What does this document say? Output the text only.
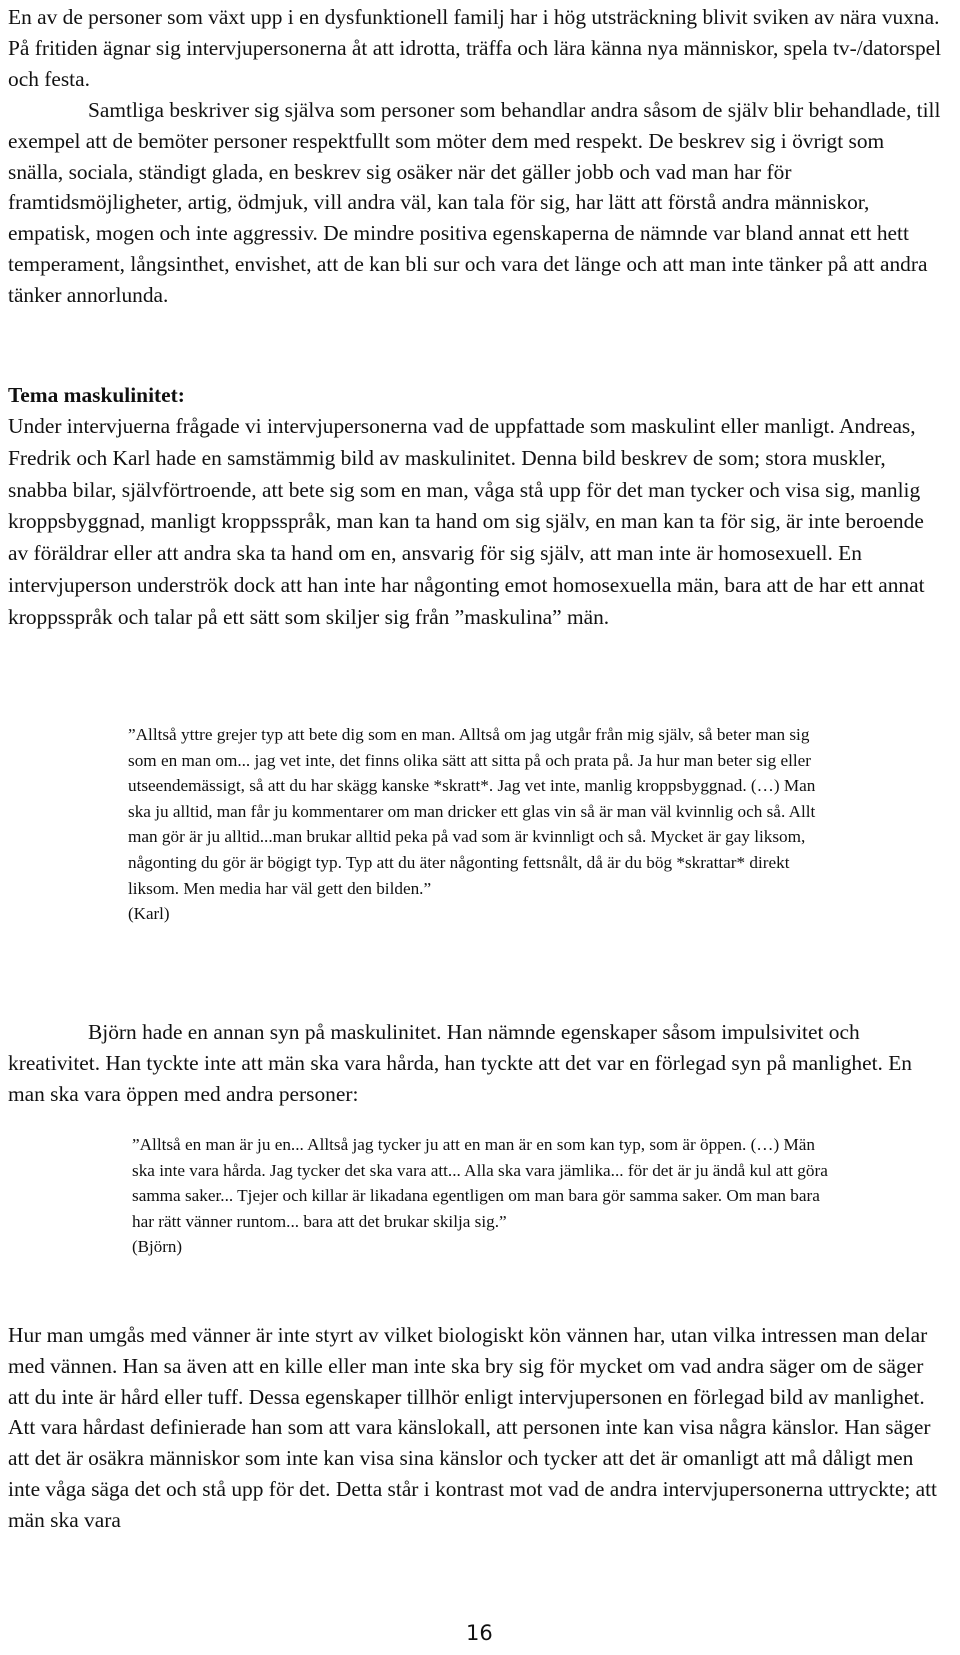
En av de personer som växt upp i en dysfunktionell familj har i hög utsträckning blivit sviken av nära vuxna. På fritiden ägnar sig intervjupersonerna åt att idrotta, träffa och lära känna nya människor, spela tv-/datorspel och festa.
Samtliga beskriver sig själva som personer som behandlar andra såsom de själv blir behandlade, till exempel att de bemöter personer respektfullt som möter dem med respekt. De beskrev sig i övrigt som snälla, sociala, ständigt glada, en beskrev sig osäker när det gäller jobb och vad man har för framtidsmöjligheter, artig, ödmjuk, vill andra väl, kan tala för sig, har lätt att förstå andra människor, empatisk, mogen och inte aggressiv. De mindre positiva egenskaperna de nämnde var bland annat ett hett temperament, långsinthet, envishet, att de kan bli sur och vara det länge och att man inte tänker på att andra tänker annorlunda.

Tema maskulinitet:

Under intervjuerna frågade vi intervjupersonerna vad de uppfattade som maskulint eller manligt. Andreas, Fredrik och Karl hade en samstämmig bild av maskulinitet. Denna bild beskrev de som; stora muskler, snabba bilar, självförtroende, att bete sig som en man, våga stå upp för det man tycker och visa sig, manlig kroppsbyggnad, manligt kroppsspråk, man kan ta hand om sig själv, en man kan ta för sig, är inte beroende av föräldrar eller att andra ska ta hand om en, ansvarig för sig själv, att man inte är homosexuell. En intervjuperson underströk dock att han inte har någonting emot homosexuella män, bara att de har ett annat kroppsspråk och talar på ett sätt som skiljer sig från ”maskulina” män.

”Alltså yttre grejer typ att bete dig som en man. Alltså om jag utgår från mig själv, så beter man sig som en man om... jag vet inte, det finns olika sätt att sitta på och prata på. Ja hur man beter sig eller utseendemässigt, så att du har skägg kanske *skratt*. Jag vet inte, manlig kroppsbyggnad. (…) Man ska ju alltid, man får ju kommentarer om man dricker ett glas vin så är man väl kvinnlig och så. Allt man gör är ju alltid...man brukar alltid peka på vad som är kvinnligt och så. Mycket är gay liksom, någonting du gör är bögigt typ. Typ att du äter någonting fettsnålt, då är du bög *skrattar* direkt liksom. Men media har väl gett den bilden.”
(Karl)

Björn hade en annan syn på maskulinitet. Han nämnde egenskaper såsom impulsivitet och kreativitet. Han tyckte inte att män ska vara hårda, han tyckte att det var en förlegad syn på manlighet. En man ska vara öppen med andra personer:

”Alltså en man är ju en... Alltså jag tycker ju att en man är en som kan typ, som är öppen. (…) Män ska inte vara hårda. Jag tycker det ska vara att... Alla ska vara jämlika... för det är ju ändå kul att göra samma saker... Tjejer och killar är likadana egentligen om man bara gör samma saker. Om man bara har rätt vänner runtom... bara att det brukar skilja sig.”
(Björn)

Hur man umgås med vänner är inte styrt av vilket biologiskt kön vännen har, utan vilka intressen man delar med vännen. Han sa även att en kille eller man inte ska bry sig för mycket om vad andra säger om de säger att du inte är hård eller tuff. Dessa egenskaper tillhör enligt intervjupersonen en förlegad bild av manlighet. Att vara hårdast definierade han som att vara känslokall, att personen inte kan visa några känslor. Han säger att det är osäkra människor som inte kan visa sina känslor och tycker att det är omanligt att må dåligt men inte våga säga det och stå upp för det. Detta står i kontrast mot vad de andra intervjupersonerna uttryckte; att män ska vara

16
